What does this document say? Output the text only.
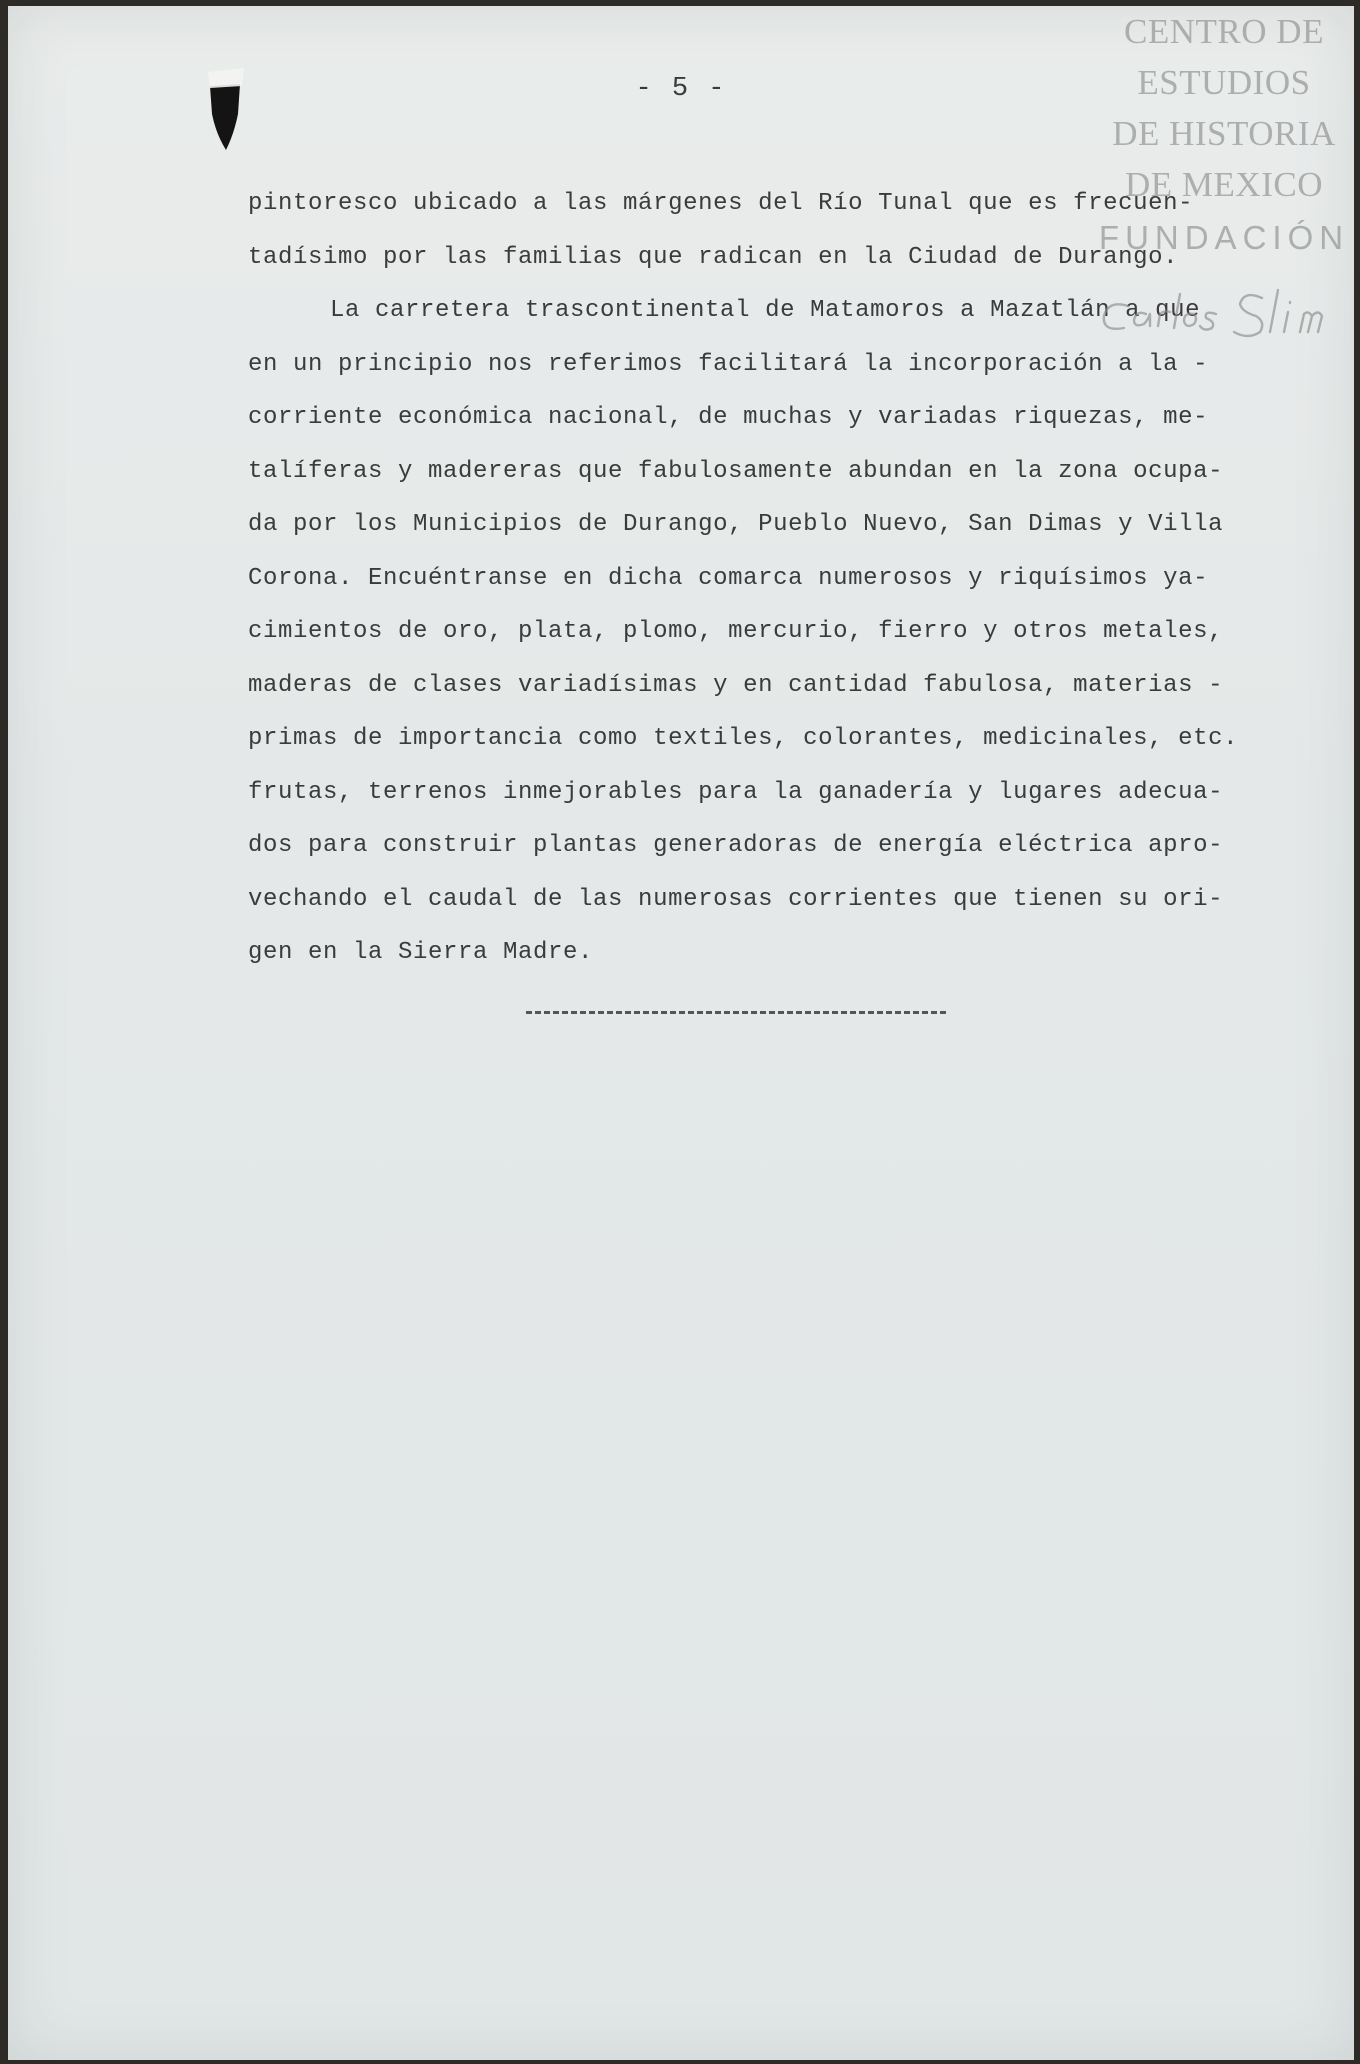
- 5 -
pintoresco ubicado a las márgenes del Río Tunal que es frecuen-
tadísimo por las familias que radican en la Ciudad de Durango.
La carretera trascontinental de Matamoros a Mazatlán a que
en un principio nos referimos facilitará la incorporación a la -
corriente económica nacional, de muchas y variadas riquezas, me-
talíferas y madereras que fabulosamente abundan en la zona ocupa-
da por los Municipios de Durango, Pueblo Nuevo, San Dimas y Villa
Corona. Encuéntranse en dicha comarca numerosos y riquísimos ya-
cimientos de oro, plata, plomo, mercurio, fierro y otros metales,
maderas de clases variadísimas y en cantidad fabulosa, materias -
primas de importancia como textiles, colorantes, medicinales, etc.
frutas, terrenos inmejorables para la ganadería y lugares adecua-
dos para construir plantas generadoras de energía eléctrica apro-
vechando el caudal de las numerosas corrientes que tienen su ori-
gen en la Sierra Madre.
CENTRO DE
ESTUDIOS
DE HISTORIA
DE MEXICO
FUNDACIÓN
